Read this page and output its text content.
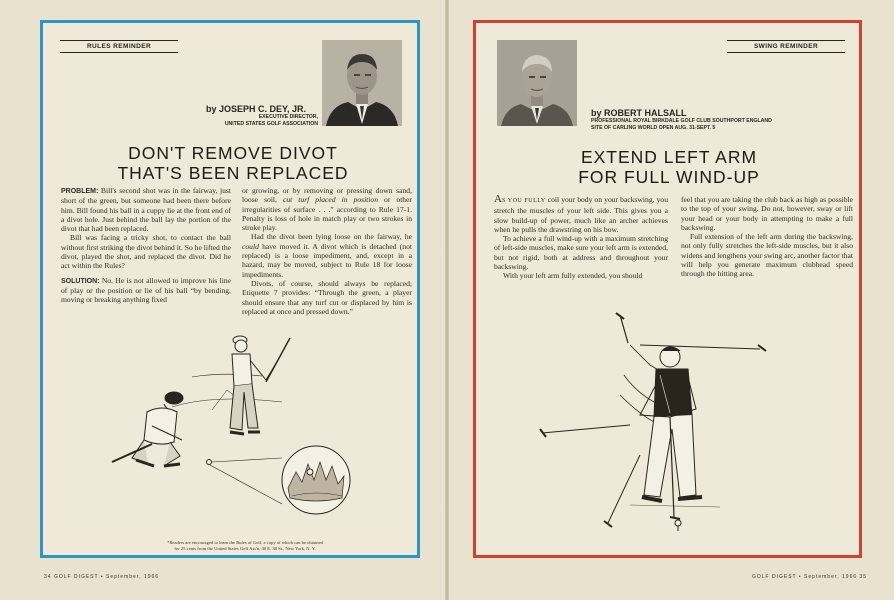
RULES REMINDER
by JOSEPH C. DEY, JR.
EXECUTIVE DIRECTOR,
UNITED STATES GOLF ASSOCIATION
DON'T REMOVE DIVOT
THAT'S BEEN REPLACED

PROBLEM: Bill's second shot was in the fairway, just short of the green, but someone had been there before him. Bill found his ball in a cuppy lie at the front end of a divot hole. Just behind the ball lay the portion of the divot that had been replaced.

Bill was facing a tricky shot, to contact the ball without first striking the divot behind it. So he lifted the divot, played the shot, and replaced the divot. Did he act within the Rules?

SOLUTION: No. He is not allowed to improve his line of play or the position or lie of his ball “by bending, moving or breaking anything fixed

or growing, or by removing or pressing down sand, loose soil, cut turf placed in position or other irregularities of surface . . .” according to Rule 17-1. Penalty is loss of hole in match play or two strokes in stroke play.

Had the divot been lying loose on the fairway, he could have moved it. A divot which is detached (not replaced) is a loose impediment, and, except in a hazard, may be moved, subject to Rule 18 for loose impediments.

Divots, of course, should always be replaced; Etiquette 7 provides: “Through the green, a player should ensure that any turf cut or displaced by him is replaced at once and pressed down.”

*Readers are encouraged to learn the Rules of Golf, a copy of which can be obtained
for 25 cents from the United States Golf Ass'n, 40 E. 38 St., New York, N. Y.
34 GOLF DIGEST • September, 1966
SWING REMINDER
by ROBERT HALSALL
PROFESSIONAL ROYAL BIRKDALE GOLF CLUB SOUTHPORT ENGLAND
SITE OF CARLING WORLD OPEN AUG. 31-SEPT. 5
EXTEND LEFT ARM
FOR FULL WIND-UP

AS YOU FULLY coil your body on your backswing, you stretch the muscles of your left side. This gives you a slow build-up of power, much like an archer achieves when he pulls the drawstring on his bow.

To achieve a full wind-up with a maximum stretching of left-side muscles, make sure your left arm is extended, but not rigid, both at address and throughout your backswing.

With your left arm fully extended, you should

feel that you are taking the club back as high as possible to the top of your swing. Do not, however, sway or lift your head or your body in attempting to make a full backswing.

Full extension of the left arm during the backswing, not only fully stretches the left-side muscles, but it also widens and lengthens your swing arc, another factor that will help you generate maximum clubhead speed through the hitting area.

GOLF DIGEST • September, 1966 35
